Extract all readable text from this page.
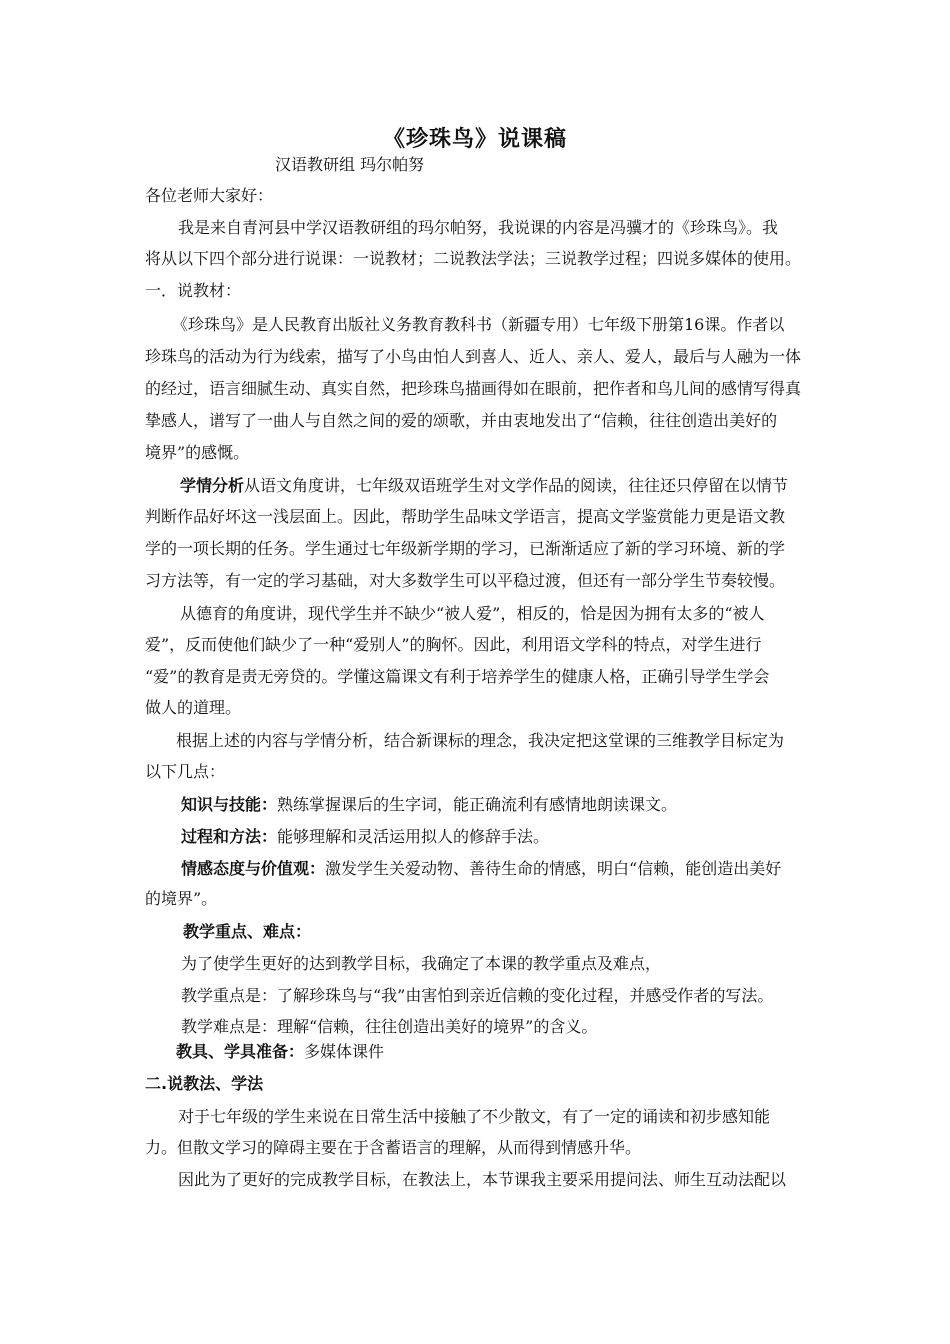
《珍珠鸟》说课稿
汉语教研组 玛尔帕努
各位老师大家好：
我是来自青河县中学汉语教研组的玛尔帕努，我说课的内容是冯骥才的《珍珠鸟》。我
将从以下四个部分进行说课：一说教材；二说教法学法；三说教学过程；四说多媒体的使用。
一．说教材：
《珍珠鸟》是人民教育出版社义务教育教科书（新疆专用）七年级下册第16课。作者以
珍珠鸟的活动为行为线索，描写了小鸟由怕人到喜人、近人、亲人、爱人，最后与人融为一体
的经过，语言细腻生动、真实自然，把珍珠鸟描画得如在眼前，把作者和鸟儿间的感情写得真
挚感人，谱写了一曲人与自然之间的爱的颂歌，并由衷地发出了“信赖，往往创造出美好的
境界”的感慨。
学情分析从语文角度讲，七年级双语班学生对文学作品的阅读，往往还只停留在以情节
判断作品好坏这一浅层面上。因此，帮助学生品味文学语言，提高文学鉴赏能力更是语文教
学的一项长期的任务。学生通过七年级新学期的学习，已渐渐适应了新的学习环境、新的学
习方法等，有一定的学习基础，对大多数学生可以平稳过渡，但还有一部分学生节奏较慢。
从德育的角度讲，现代学生并不缺少“被人爱”，相反的，恰是因为拥有太多的“被人
爱”，反而使他们缺少了一种“爱别人”的胸怀。因此，利用语文学科的特点，对学生进行
“爱”的教育是责无旁贷的。学懂这篇课文有利于培养学生的健康人格，正确引导学生学会
做人的道理。
根据上述的内容与学情分析，结合新课标的理念，我决定把这堂课的三维教学目标定为
以下几点：
知识与技能：熟练掌握课后的生字词，能正确流利有感情地朗读课文。
过程和方法：能够理解和灵活运用拟人的修辞手法。
情感态度与价值观：激发学生关爱动物、善待生命的情感，明白“信赖，能创造出美好
的境界”。
教学重点、难点：
为了使学生更好的达到教学目标，我确定了本课的教学重点及难点，
教学重点是：了解珍珠鸟与“我”由害怕到亲近信赖的变化过程，并感受作者的写法。
教学难点是：理解“信赖，往往创造出美好的境界”的含义。
教具、学具准备：多媒体课件
二.说教法、学法
对于七年级的学生来说在日常生活中接触了不少散文，有了一定的诵读和初步感知能
力。但散文学习的障碍主要在于含蓄语言的理解，从而得到情感升华。
因此为了更好的完成教学目标，在教法上，本节课我主要采用提问法、师生互动法配以
